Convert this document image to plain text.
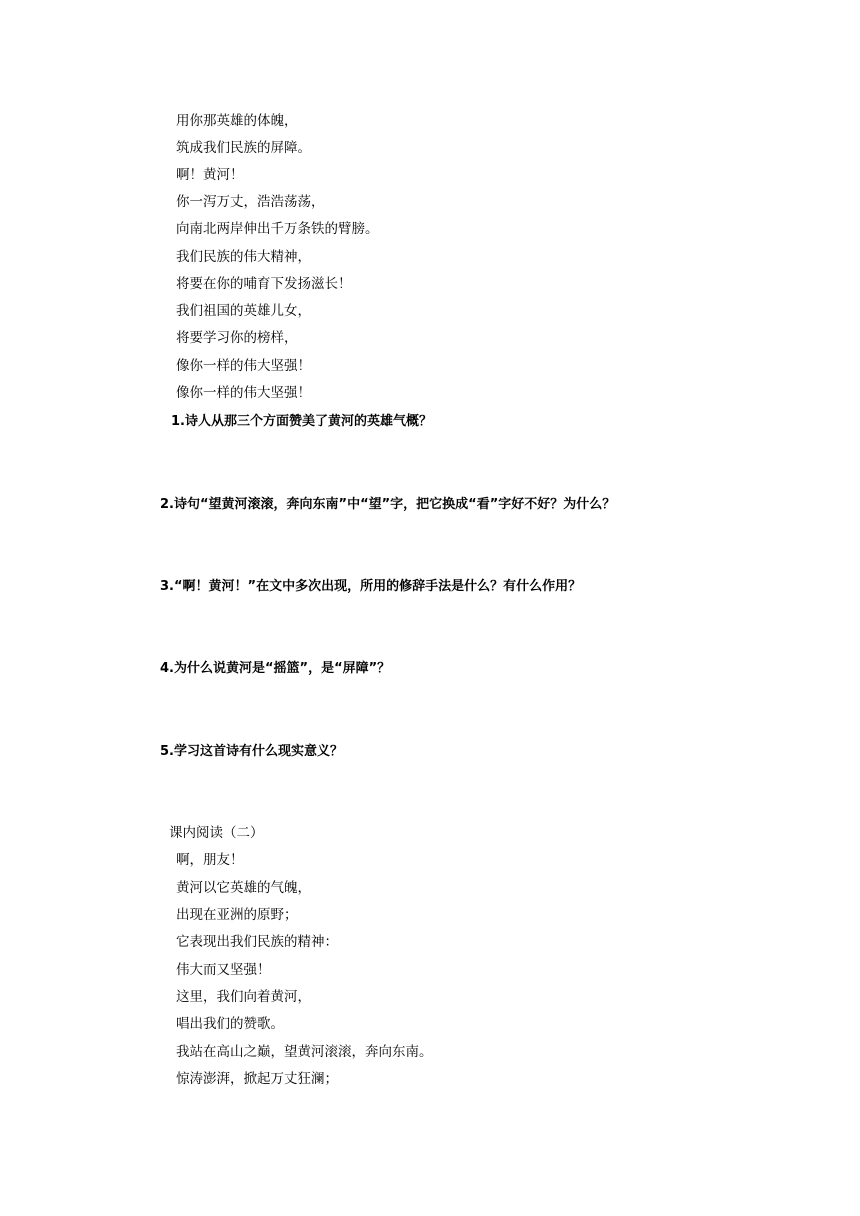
用你那英雄的体魄，

筑成我们民族的屏障。

啊！黄河！

你一泻万丈，浩浩荡荡，

向南北两岸伸出千万条铁的臂膀。

我们民族的伟大精神，

将要在你的哺育下发扬滋长！

我们祖国的英雄儿女，

将要学习你的榜样，

像你一样的伟大坚强！

像你一样的伟大坚强！

1.诗人从那三个方面赞美了黄河的英雄气概？

2.诗句“望黄河滚滚，奔向东南”中“望”字，把它换成“看”字好不好？为什么？

3.“啊！黄河！”在文中多次出现，所用的修辞手法是什么？有什么作用？

4.为什么说黄河是“摇篮”，是“屏障”？

5.学习这首诗有什么现实意义？

课内阅读（二）

啊，朋友！

黄河以它英雄的气魄，

出现在亚洲的原野；

它表现出我们民族的精神：

伟大而又坚强！

这里，我们向着黄河，

唱出我们的赞歌。

我站在高山之巅，望黄河滚滚，奔向东南。

惊涛澎湃，掀起万丈狂澜；
